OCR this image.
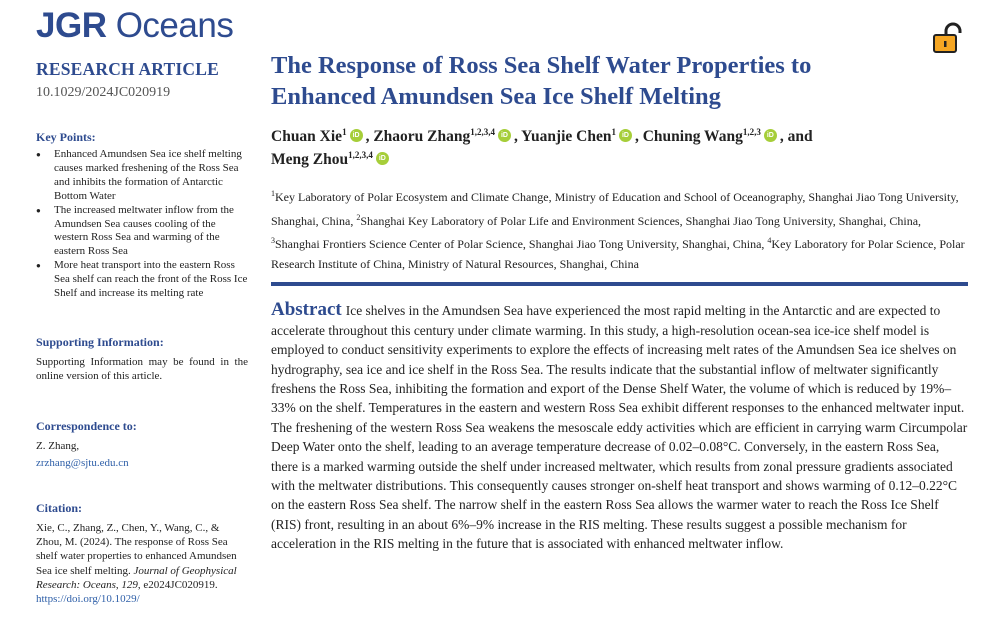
JGR Oceans
RESEARCH ARTICLE
10.1029/2024JC020919
Key Points:
● Enhanced Amundsen Sea ice shelf melting causes marked freshening of the Ross Sea and inhibits the formation of Antarctic Bottom Water
● The increased meltwater inflow from the Amundsen Sea causes cooling of the western Ross Sea and warming of the eastern Ross Sea
● More heat transport into the eastern Ross Sea shelf can reach the front of the Ross Ice Shelf and increase its melting rate
Supporting Information:
Supporting Information may be found in the online version of this article.
Correspondence to:
Z. Zhang,
zrzhang@sjtu.edu.cn
Citation:
Xie, C., Zhang, Z., Chen, Y., Wang, C., & Zhou, M. (2024). The response of Ross Sea shelf water properties to enhanced Amundsen Sea ice shelf melting. Journal of Geophysical Research: Oceans, 129, e2024JC020919. https://doi.org/10.1029/
The Response of Ross Sea Shelf Water Properties to
Enhanced Amundsen Sea Ice Shelf Melting
Chuan Xie$^1$ iD , Zhaoru Zhang$^{1,2,3,4}$ iD , Yuanjie Chen$^1$ iD , Chuning Wang$^{1,2,3}$ iD , and
Meng Zhou$^{1,2,3,4}$iD
$^1$Key Laboratory of Polar Ecosystem and Climate Change, Ministry of Education and School of Oceanography, Shanghai Jiao Tong University, Shanghai, China, $^2$Shanghai Key Laboratory of Polar Life and Environment Sciences, Shanghai Jiao Tong University, Shanghai, China, $^3$Shanghai Frontiers Science Center of Polar Science, Shanghai Jiao Tong University, Shanghai, China, $^4$Key Laboratory for Polar Science, Polar Research Institute of China, Ministry of Natural Resources, Shanghai, China
Abstract Ice shelves in the Amundsen Sea have experienced the most rapid melting in the Antarctic and are expected to accelerate throughout this century under climate warming. In this study, a high-resolution ocean-sea ice-ice shelf model is employed to conduct sensitivity experiments to explore the effects of increasing melt rates of the Amundsen Sea ice shelves on hydrography, sea ice and ice shelf in the Ross Sea. The results indicate that the substantial inflow of meltwater significantly freshens the Ross Sea, inhibiting the formation and export of the Dense Shelf Water, the volume of which is reduced by 19%–33% on the shelf. Temperatures in the eastern and western Ross Sea exhibit different responses to the enhanced meltwater input. The freshening of the western Ross Sea weakens the mesoscale eddy activities which are efficient in carrying warm Circumpolar Deep Water onto the shelf, leading to an average temperature decrease of 0.02–0.08°C. Conversely, in the eastern Ross Sea, there is a marked warming outside the shelf under increased meltwater, which results from zonal pressure gradients associated with the meltwater distributions. This consequently causes stronger on-shelf heat transport and shows warming of 0.12–0.22°C on the eastern Ross Sea shelf. The narrow shelf in the eastern Ross Sea allows the warmer water to reach the Ross Ice Shelf (RIS) front, resulting in an about 6%–9% increase in the RIS melting. These results suggest a possible mechanism for acceleration in the RIS melting in the future that is associated with enhanced meltwater inflow.
